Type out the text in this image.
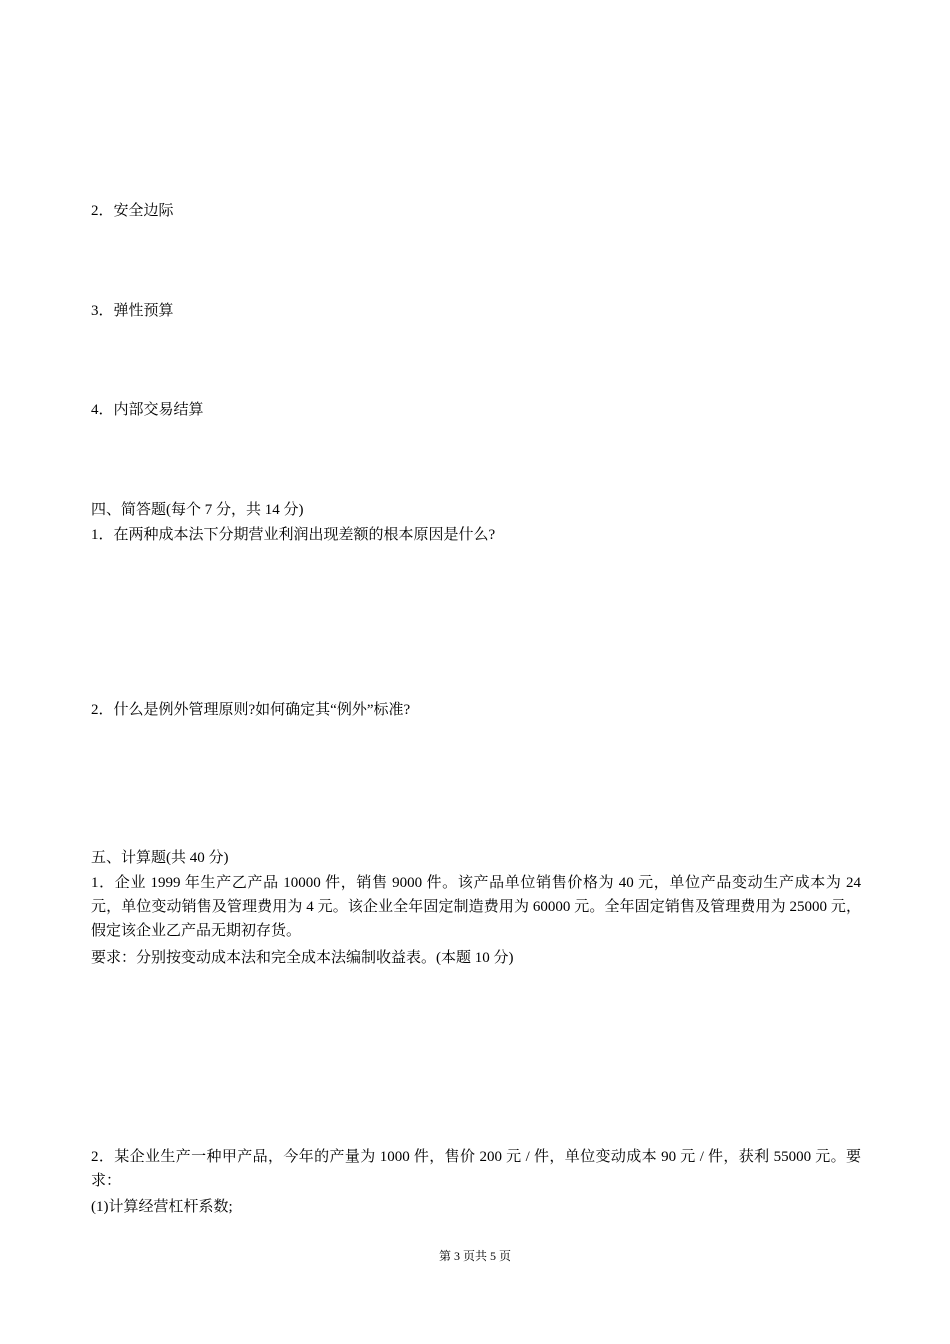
2．安全边际
3．弹性预算
4．内部交易结算
四、简答题(每个 7 分，共 14 分)
1．在两种成本法下分期营业利润出现差额的根本原因是什么?
2．什么是例外管理原则?如何确定其“例外”标准?
五、计算题(共 40 分)
1．企业 1999 年生产乙产品 10000 件，销售 9000 件。该产品单位销售价格为 40 元，单位产品变动生产成本为 24 元，单位变动销售及管理费用为 4 元。该企业全年固定制造费用为 60000 元。全年固定销售及管理费用为 25000 元，假定该企业乙产品无期初存货。
要求：分别按变动成本法和完全成本法编制收益表。(本题 10 分)
2．某企业生产一种甲产品，今年的产量为 1000 件，售价 200 元 / 件，单位变动成本 90 元 / 件，获利 55000 元。要求：
(1)计算经营杠杆系数;
第 3 页共 5 页
